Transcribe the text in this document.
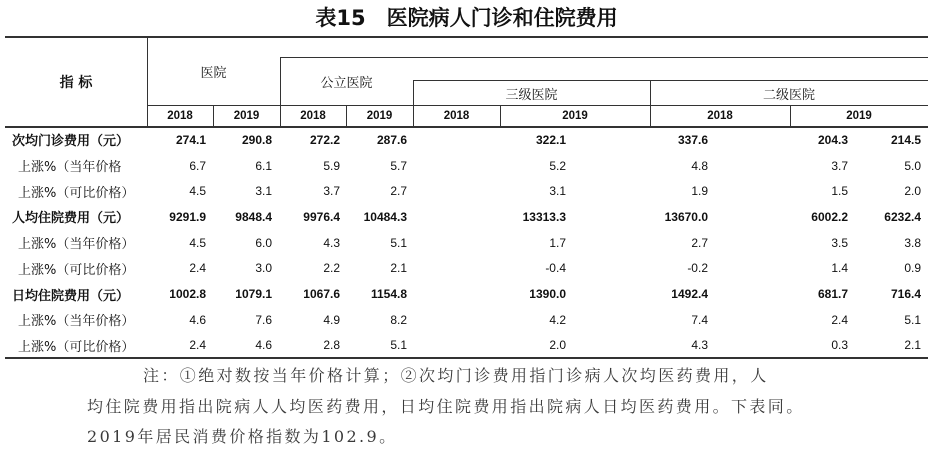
表15　医院病人门诊和住院费用
指 标
医院
公立医院
三级医院	二级医院
2018	2019	2018	2019	2018	2019	2018	2019
次均门诊费用（元）	274.1	290.8	272.2	287.6	322.1	337.6	204.3	214.5
上涨%（当年价格	6.7	6.1	5.9	5.7	5.2	4.8	3.7	5.0
上涨%（可比价格）	4.5	3.1	3.7	2.7	3.1	1.9	1.5	2.0
人均住院费用（元）	9291.9	9848.4	9976.4	10484.3	13313.3	13670.0	6002.2	6232.4
上涨%（当年价格）	4.5	6.0	4.3	5.1	1.7	2.7	3.5	3.8
上涨%（可比价格）	2.4	3.0	2.2	2.1	-0.4	-0.2	1.4	0.9
日均住院费用（元）	1002.8	1079.1	1067.6	1154.8	1390.0	1492.4	681.7	716.4
上涨%（当年价格）	4.6	7.6	4.9	8.2	4.2	7.4	2.4	5.1
上涨%（可比价格）	2.4	4.6	2.8	5.1	2.0	4.3	0.3	2.1
注：①绝对数按当年价格计算；②次均门诊费用指门诊病人次均医药费用，人
均住院费用指出院病人人均医药费用，日均住院费用指出院病人日均医药费用。下表同。
2019年居民消费价格指数为102.9。
